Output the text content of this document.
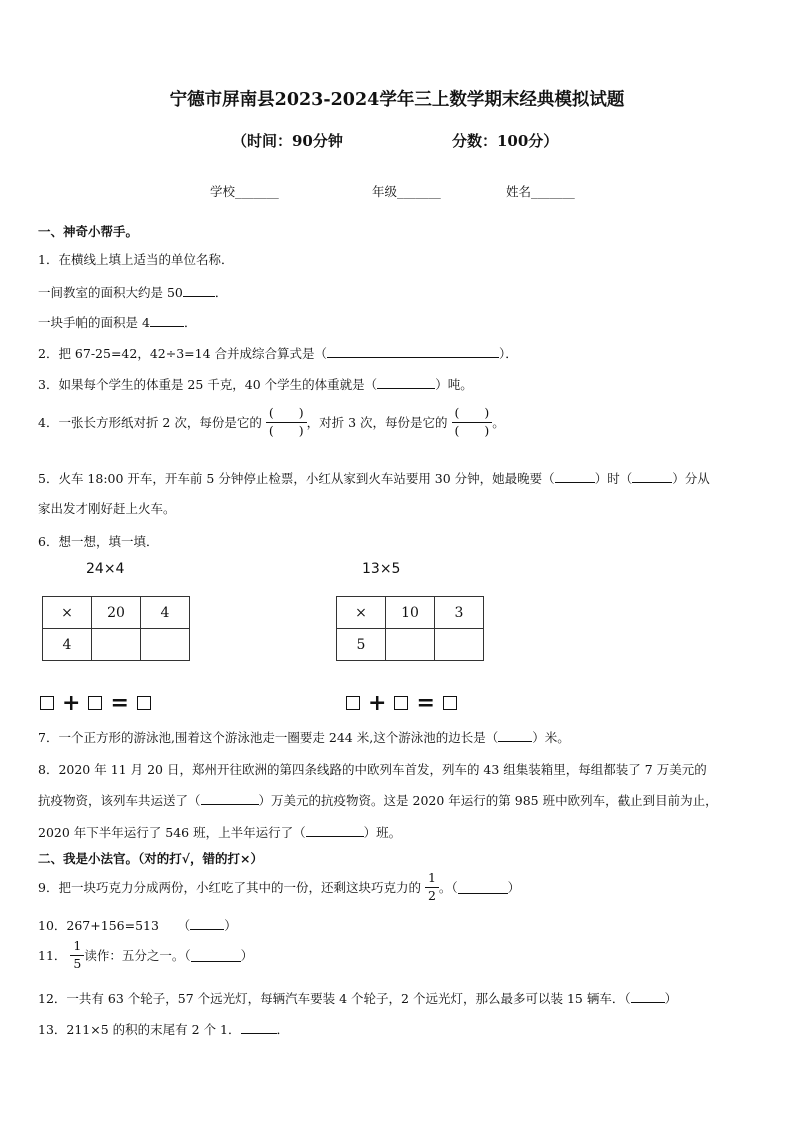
宁德市屏南县2023-2024学年三上数学期末经典模拟试题
（时间：90分钟	分数：100分）
学校_______	年级_______	姓名_______
一、神奇小帮手。
1．在横线上填上适当的单位名称．
一间教室的面积大约是 50	．
一块手帕的面积是 4	．
2．把 67-25=42，42÷3=14 合并成综合算式是（	）．
3．如果每个学生的体重是 25 千克，40 个学生的体重就是（	）吨。
4．一张长方形纸对折 2 次，每份是它的 $\frac{( )}{( )}$ ，对折 3 次，每份是它的 $\frac{( )}{( )}$ 。
5．火车 18:00 开车，开车前 5 分钟停止检票，小红从家到火车站要用 30 分钟，她最晚要（	）时（	）分从
家出发才刚好赶上火车。
6．想一想，填一填．
24×4	13×5
×	20	4
4		
×	10	3
5		
+ =	+ =
7．一个正方形的游泳池,围着这个游泳池走一圈要走 244 米,这个游泳池的边长是（	）米。
8．2020 年 11 月 20 日，郑州开往欧洲的第四条线路的中欧列车首发，列车的 43 组集装箱里，每组都装了 7 万美元的
抗疫物资，该列车共运送了（	）万美元的抗疫物资。这是 2020 年运行的第 985 班中欧列车，截止到目前为止，
2020 年下半年运行了 546 班，上半年运行了（	）班。
二、我是小法官。（对的打√，错的打×）
9．把一块巧克力分成两份，小红吃了其中的一份，还剩这块巧克力的 $\frac{1}{2}$ 。（	）
10．267+156=513　　（	）
11． $\frac{1}{5}$ 读作：五分之一。（	）
12．一共有 63 个轮子，57 个远光灯，每辆汽车要装 4 个轮子，2 个远光灯，那么最多可以装 15 辆车．（	）
13．211×5 的积的末尾有 2 个 1．	．
